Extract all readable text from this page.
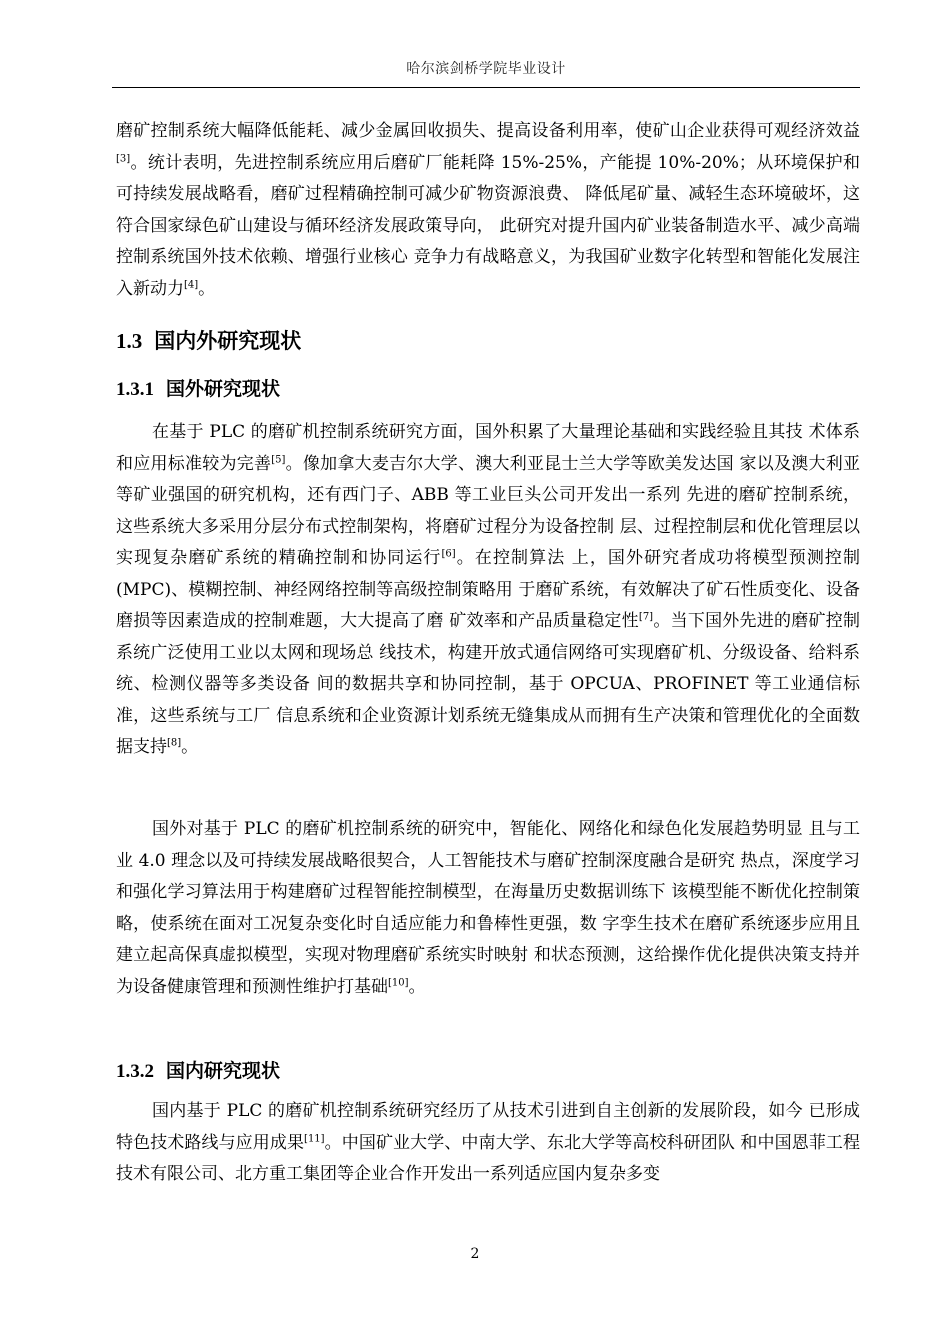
哈尔滨剑桥学院毕业设计

磨矿控制系统大幅降低能耗、减少金属回收损失、提高设备利用率，使矿山企业获得可观经济效益[3]。统计表明，先进控制系统应用后磨矿厂能耗降 15%-25%，产能提 10%-20%；从环境保护和可持续发展战略看，磨矿过程精确控制可减少矿物资源浪费、 降低尾矿量、减轻生态环境破坏，这符合国家绿色矿山建设与循环经济发展政策导向， 此研究对提升国内矿业装备制造水平、减少高端控制系统国外技术依赖、增强行业核心 竞争力有战略意义，为我国矿业数字化转型和智能化发展注入新动力[4]。

1.3 国内外研究现状
1.3.1 国外研究现状

在基于 PLC 的磨矿机控制系统研究方面，国外积累了大量理论基础和实践经验且其技 术体系和应用标准较为完善[5]。像加拿大麦吉尔大学、澳大利亚昆士兰大学等欧美发达国 家以及澳大利亚等矿业强国的研究机构，还有西门子、ABB 等工业巨头公司开发出一系列 先进的磨矿控制系统，这些系统大多采用分层分布式控制架构，将磨矿过程分为设备控制 层、过程控制层和优化管理层以实现复杂磨矿系统的精确控制和协同运行[6]。在控制算法 上，国外研究者成功将模型预测控制(MPC)、模糊控制、神经网络控制等高级控制策略用 于磨矿系统，有效解决了矿石性质变化、设备磨损等因素造成的控制难题，大大提高了磨 矿效率和产品质量稳定性[7]。当下国外先进的磨矿控制系统广泛使用工业以太网和现场总 线技术，构建开放式通信网络可实现磨矿机、分级设备、给料系统、检测仪器等多类设备 间的数据共享和协同控制，基于 OPCUA、PROFINET 等工业通信标准，这些系统与工厂 信息系统和企业资源计划系统无缝集成从而拥有生产决策和管理优化的全面数据支持[8]。

国外对基于 PLC 的磨矿机控制系统的研究中，智能化、网络化和绿色化发展趋势明显 且与工业 4.0 理念以及可持续发展战略很契合，人工智能技术与磨矿控制深度融合是研究 热点，深度学习和强化学习算法用于构建磨矿过程智能控制模型，在海量历史数据训练下 该模型能不断优化控制策略，使系统在面对工况复杂变化时自适应能力和鲁棒性更强，数 字孪生技术在磨矿系统逐步应用且建立起高保真虚拟模型，实现对物理磨矿系统实时映射 和状态预测，这给操作优化提供决策支持并为设备健康管理和预测性维护打基础[10]。

1.3.2 国内研究现状

国内基于 PLC 的磨矿机控制系统研究经历了从技术引进到自主创新的发展阶段，如今 已形成特色技术路线与应用成果[11]。中国矿业大学、中南大学、东北大学等高校科研团队 和中国恩菲工程技术有限公司、北方重工集团等企业合作开发出一系列适应国内复杂多变

2
